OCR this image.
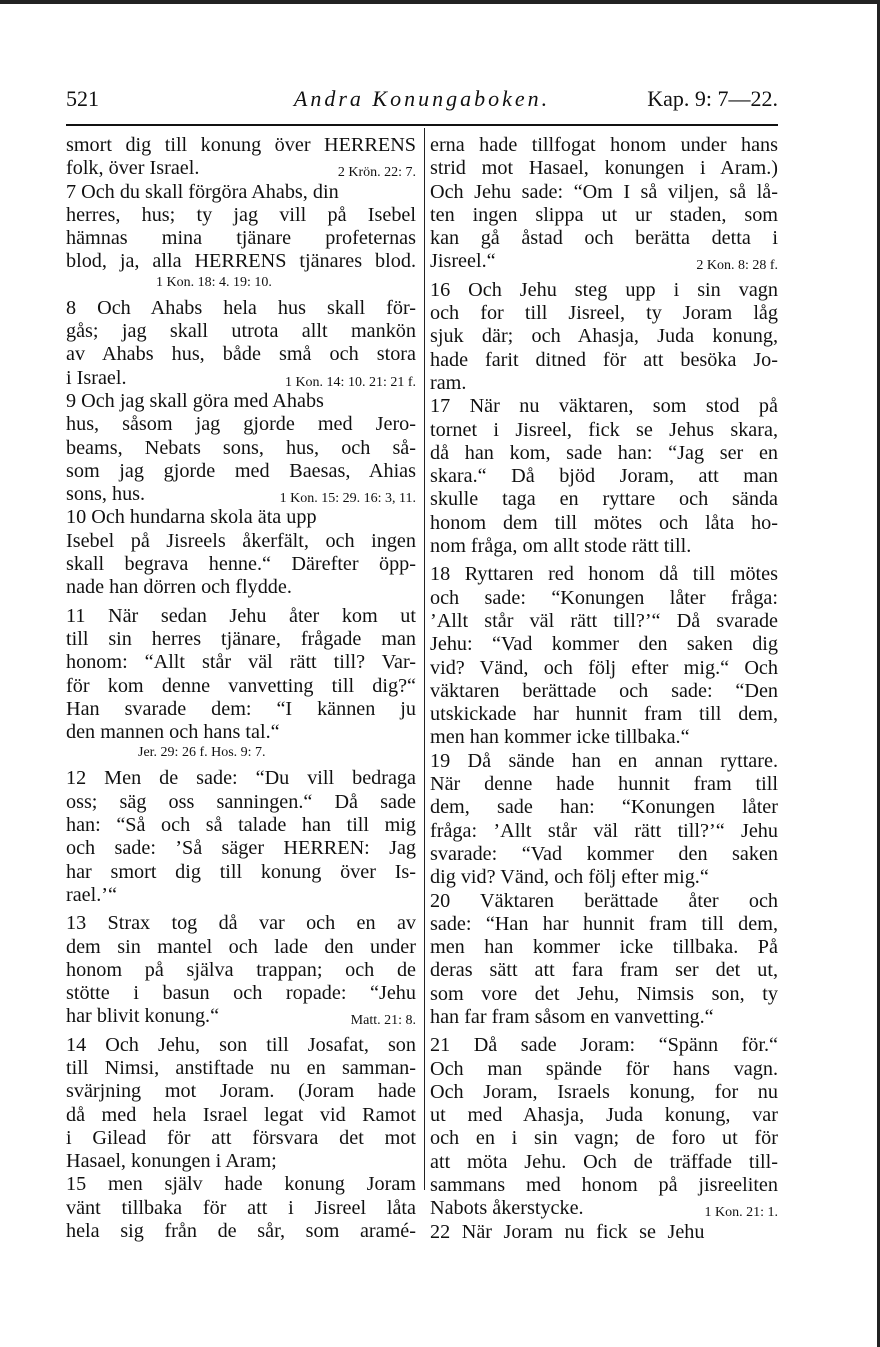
521	Andra Konungaboken.	Kap. 9: 7—22.
smort dig till konung över HERRENS
folk, över Israel.	2 Krön. 22: 7.
7 Och du skall förgöra Ahabs, din
herres, hus; ty jag vill på Isebel
hämnas mina tjänare profeternas
blod, ja, alla HERRENS tjänares blod.
1 Kon. 18: 4. 19: 10.
8 Och Ahabs hela hus skall för-
gås; jag skall utrota allt mankön
av Ahabs hus, både små och stora
i Israel.	1 Kon. 14: 10. 21: 21 f.
9 Och jag skall göra med Ahabs
hus, såsom jag gjorde med Jero-
beams, Nebats sons, hus, och så-
som jag gjorde med Baesas, Ahias
sons, hus.	1 Kon. 15: 29. 16: 3, 11.
10 Och hundarna skola äta upp
Isebel på Jisreels åkerfält, och ingen
skall begrava henne.“ Därefter öpp-
nade han dörren och flydde.
11 När sedan Jehu åter kom ut
till sin herres tjänare, frågade man
honom: “Allt står väl rätt till? Var-
för kom denne vanvetting till dig?“
Han svarade dem: “I kännen ju
den mannen och hans tal.“
Jer. 29: 26 f. Hos. 9: 7.
12 Men de sade: “Du vill bedraga
oss; säg oss sanningen.“ Då sade
han: “Så och så talade han till mig
och sade: ’Så säger HERREN: Jag
har smort dig till konung över Is-
rael.’“
13 Strax tog då var och en av
dem sin mantel och lade den under
honom på själva trappan; och de
stötte i basun och ropade: “Jehu
har blivit konung.“	Matt. 21: 8.
14 Och Jehu, son till Josafat, son
till Nimsi, anstiftade nu en samman-
svärjning mot Joram. (Joram hade
då med hela Israel legat vid Ramot
i Gilead för att försvara det mot
Hasael, konungen i Aram;
15 men själv hade konung Joram
vänt tillbaka för att i Jisreel låta
hela sig från de sår, som aramé-
erna hade tillfogat honom under hans
strid mot Hasael, konungen i Aram.)
Och Jehu sade: “Om I så viljen, så lå-
ten ingen slippa ut ur staden, som
kan gå åstad och berätta detta i
Jisreel.“	2 Kon. 8: 28 f.
16 Och Jehu steg upp i sin vagn
och for till Jisreel, ty Joram låg
sjuk där; och Ahasja, Juda konung,
hade farit ditned för att besöka Jo-
ram.
17 När nu väktaren, som stod på
tornet i Jisreel, fick se Jehus skara,
då han kom, sade han: “Jag ser en
skara.“ Då bjöd Joram, att man
skulle taga en ryttare och sända
honom dem till mötes och låta ho-
nom fråga, om allt stode rätt till.
18 Ryttaren red honom då till mötes
och sade: “Konungen låter fråga:
’Allt står väl rätt till?’“ Då svarade
Jehu: “Vad kommer den saken dig
vid? Vänd, och följ efter mig.“ Och
väktaren berättade och sade: “Den
utskickade har hunnit fram till dem,
men han kommer icke tillbaka.“
19 Då sände han en annan ryttare.
När denne hade hunnit fram till
dem, sade han: “Konungen låter
fråga: ’Allt står väl rätt till?’“ Jehu
svarade: “Vad kommer den saken
dig vid? Vänd, och följ efter mig.“
20 Väktaren berättade åter och
sade: “Han har hunnit fram till dem,
men han kommer icke tillbaka. På
deras sätt att fara fram ser det ut,
som vore det Jehu, Nimsis son, ty
han far fram såsom en vanvetting.“
21 Då sade Joram: “Spänn för.“
Och man spände för hans vagn.
Och Joram, Israels konung, for nu
ut med Ahasja, Juda konung, var
och en i sin vagn; de foro ut för
att möta Jehu. Och de träffade till-
sammans med honom på jisreeliten
Nabots åkerstycke.	1 Kon. 21: 1.
22 När Joram nu fick se Jehu
